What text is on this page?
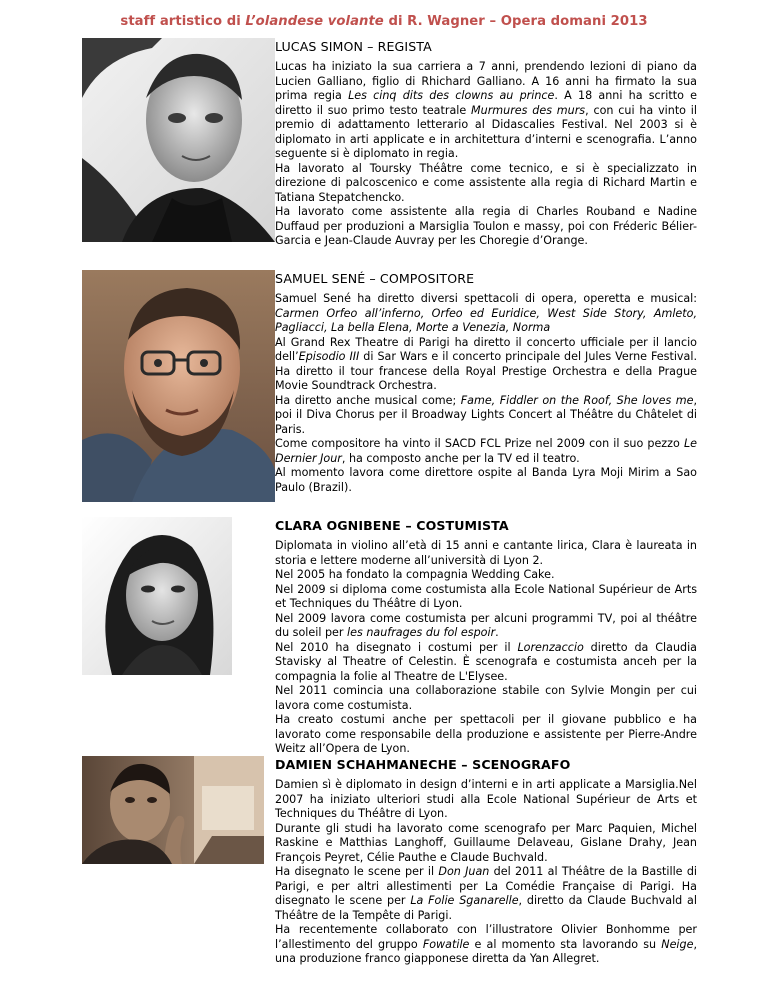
staff artistico di L’olandese volante di R. Wagner – Opera domani 2013
LUCAS SIMON – REGISTA

Lucas ha iniziato la sua carriera a 7 anni, prendendo lezioni di piano da Lucien Galliano, figlio di Rhichard Galliano. A 16 anni ha firmato la sua prima regia Les cinq dits des clowns au prince. A 18 anni ha scritto e diretto il suo primo testo teatrale Murmures des murs, con cui ha vinto il premio di adattamento letterario al Didascalies Festival. Nel 2003 si è diplomato in arti applicate e in architettura d’interni e scenografia. L’anno seguente si è diplomato in regia.

Ha lavorato al Toursky Théâtre come tecnico, e si è specializzato in direzione di palcoscenico e come assistente alla regia di Richard Martin e Tatiana Stepatchencko.

Ha lavorato come assistente alla regia di Charles Rouband e Nadine Duffaud per produzioni a Marsiglia Toulon e massy, poi con Fréderic Bélier-Garcia e Jean-Claude Auvray per les Choregie d’Orange.

SAMUEL SENÉ – COMPOSITORE

Samuel Sené ha diretto diversi spettacoli di opera, operetta e musical: Carmen Orfeo all’inferno, Orfeo ed Euridice, West Side Story, Amleto, Pagliacci, La bella Elena, Morte a Venezia, Norma

Al Grand Rex Theatre di Parigi ha diretto il concerto ufficiale per il lancio dell’Episodio III di Sar Wars e il concerto principale del Jules Verne Festival. Ha diretto il tour francese della Royal Prestige Orchestra e della Prague Movie Soundtrack Orchestra.

Ha diretto anche musical come; Fame, Fiddler on the Roof, She loves me, poi il Diva Chorus per il Broadway Lights Concert al Théâtre du Châtelet di Paris.

Come compositore ha vinto il SACD FCL Prize nel 2009 con il suo pezzo Le Dernier Jour, ha composto anche per la TV ed il teatro.

Al momento lavora come direttore ospite al Banda Lyra Moji Mirim a Sao Paulo (Brazil).

CLARA OGNIBENE – COSTUMISTA

Diplomata in violino all’età di 15 anni e cantante lirica, Clara è laureata in storia e lettere moderne all’università di Lyon 2.

Nel 2005 ha fondato la compagnia Wedding Cake.

Nel 2009 si diploma come costumista alla Ecole National Supérieur de Arts et Techniques du Théâtre di Lyon.

Nel 2009 lavora come costumista per alcuni programmi TV, poi al théâtre du soleil per les naufrages du fol espoir.

Nel 2010 ha disegnato i costumi per il Lorenzaccio diretto da Claudia Stavisky al Theatre of Celestin. È scenografa e costumista anceh per la compagnia la folie al Theatre de L'Elysee.

Nel 2011 comincia una collaborazione stabile con Sylvie Mongin per cui lavora come costumista.

Ha creato costumi anche per spettacoli per il giovane pubblico e ha lavorato come responsabile della produzione e assistente per Pierre-Andre Weitz all’Opera de Lyon.

DAMIEN SCHAHMANECHE – SCENOGRAFO

Damien sì è diplomato in design d’interni e in arti applicate a Marsiglia.Nel 2007 ha iniziato ulteriori studi alla Ecole National Supérieur de Arts et Techniques du Théâtre di Lyon.

Durante gli studi ha lavorato come scenografo per Marc Paquien, Michel Raskine e Matthias Langhoff, Guillaume Delaveau, Gislane Drahy, Jean François Peyret, Célie Pauthe e Claude Buchvald.

Ha disegnato le scene per il Don Juan del 2011 al Théâtre de la Bastille di Parigi, e per altri allestimenti per La Comédie Française di Parigi. Ha disegnato le scene per La Folie Sganarelle, diretto da Claude Buchvald al Théâtre de la Tempête di Parigi.

Ha recentemente collaborato con l’illustratore Olivier Bonhomme per l’allestimento del gruppo Fowatile e al momento sta lavorando su Neige, una produzione franco giapponese diretta da Yan Allegret.
